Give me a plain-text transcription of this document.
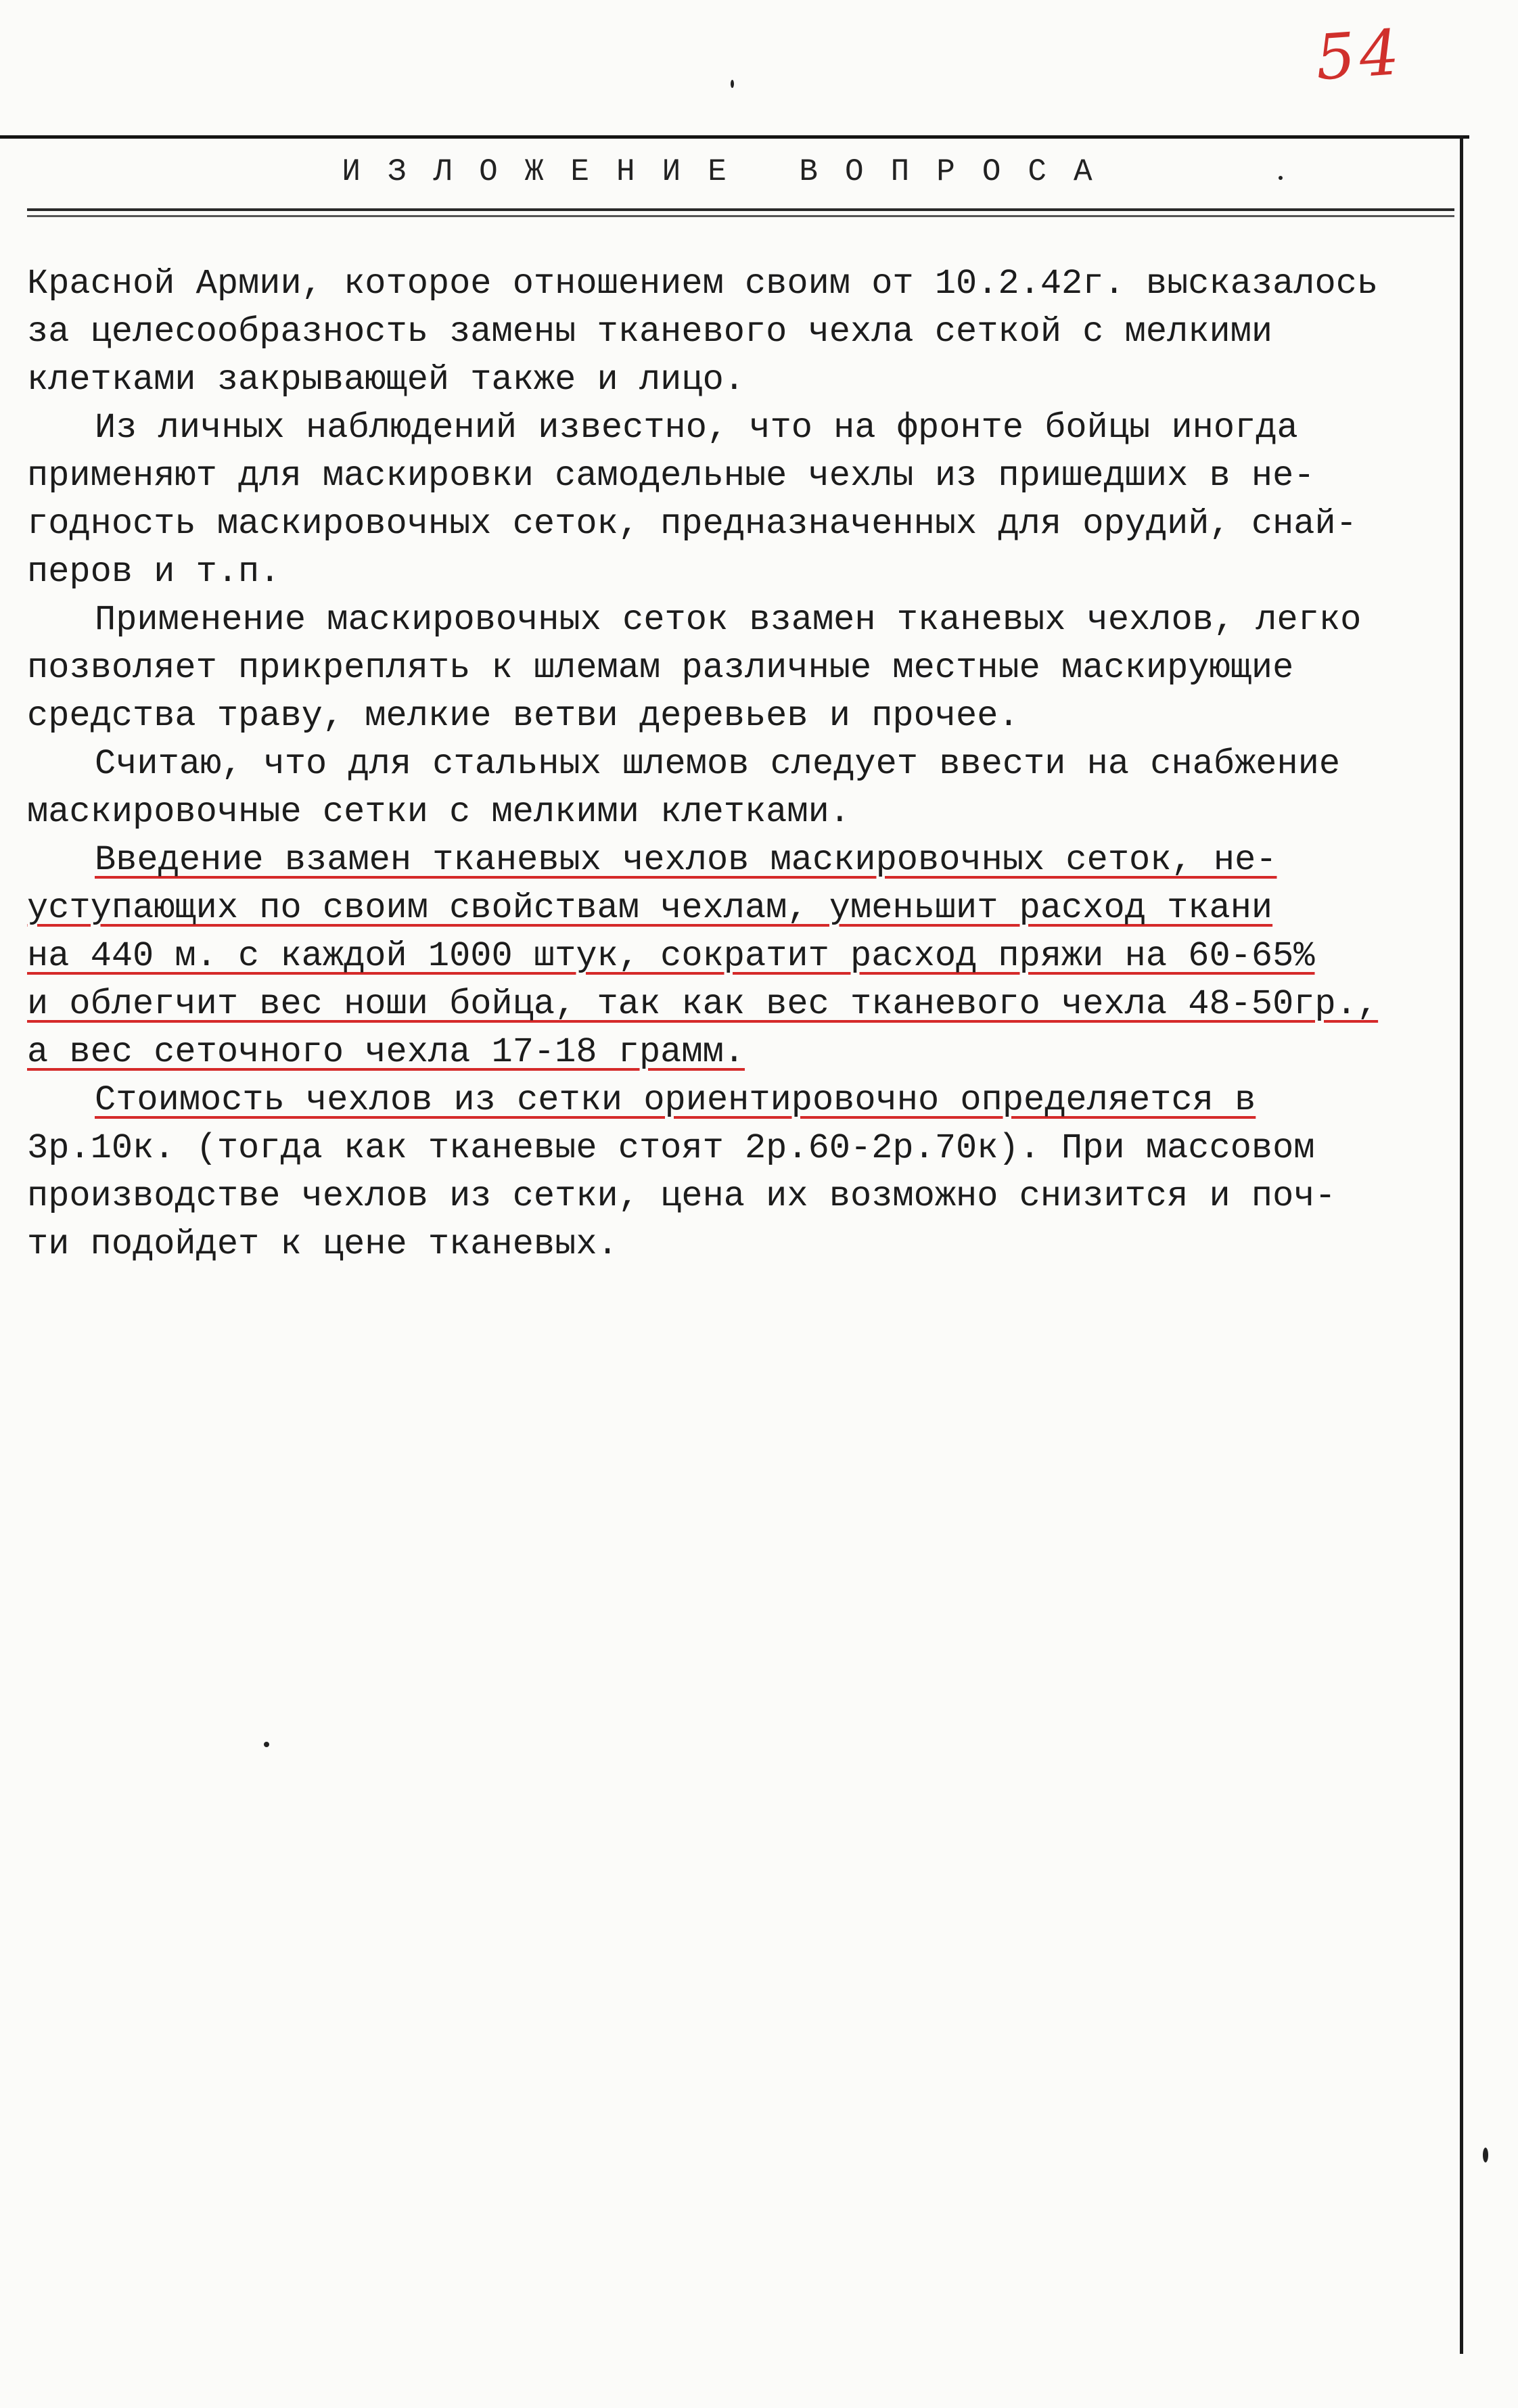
54
ИЗЛОЖЕНИЕ ВОПРОСА
Красной Армии, которое отношением своим от 10.2.42г. высказалось
за целесообразность замены тканевого чехла сеткой с мелкими
клетками закрывающей также и лицо.
Из личных наблюдений известно, что на фронте бойцы иногда
применяют для маскировки самодельные чехлы из пришедших в не-
годность маскировочных сеток, предназначенных для орудий, снай-
перов и т.п.
Применение маскировочных сеток взамен тканевых чехлов, легко
позволяет прикреплять к шлемам различные местные маскирующие
средства траву, мелкие ветви деревьев и прочее.
Считаю, что для стальных шлемов следует ввести на снабжение
маскировочные сетки с мелкими клетками.
Введение взамен тканевых чехлов маскировочных сеток, не-
уступающих по своим свойствам чехлам, уменьшит расход ткани
на 440 м. с каждой 1000 штук, сократит расход пряжи на 60-65%
и облегчит вес ноши бойца, так как вес тканевого чехла 48-50гр.,
а вес сеточного чехла 17-18 грамм.
Стоимость чехлов из сетки ориентировочно определяется в
3р.10к. (тогда как тканевые стоят 2р.60-2р.70к). При массовом
производстве чехлов из сетки, цена их возможно снизится и поч-
ти подойдет к цене тканевых.
